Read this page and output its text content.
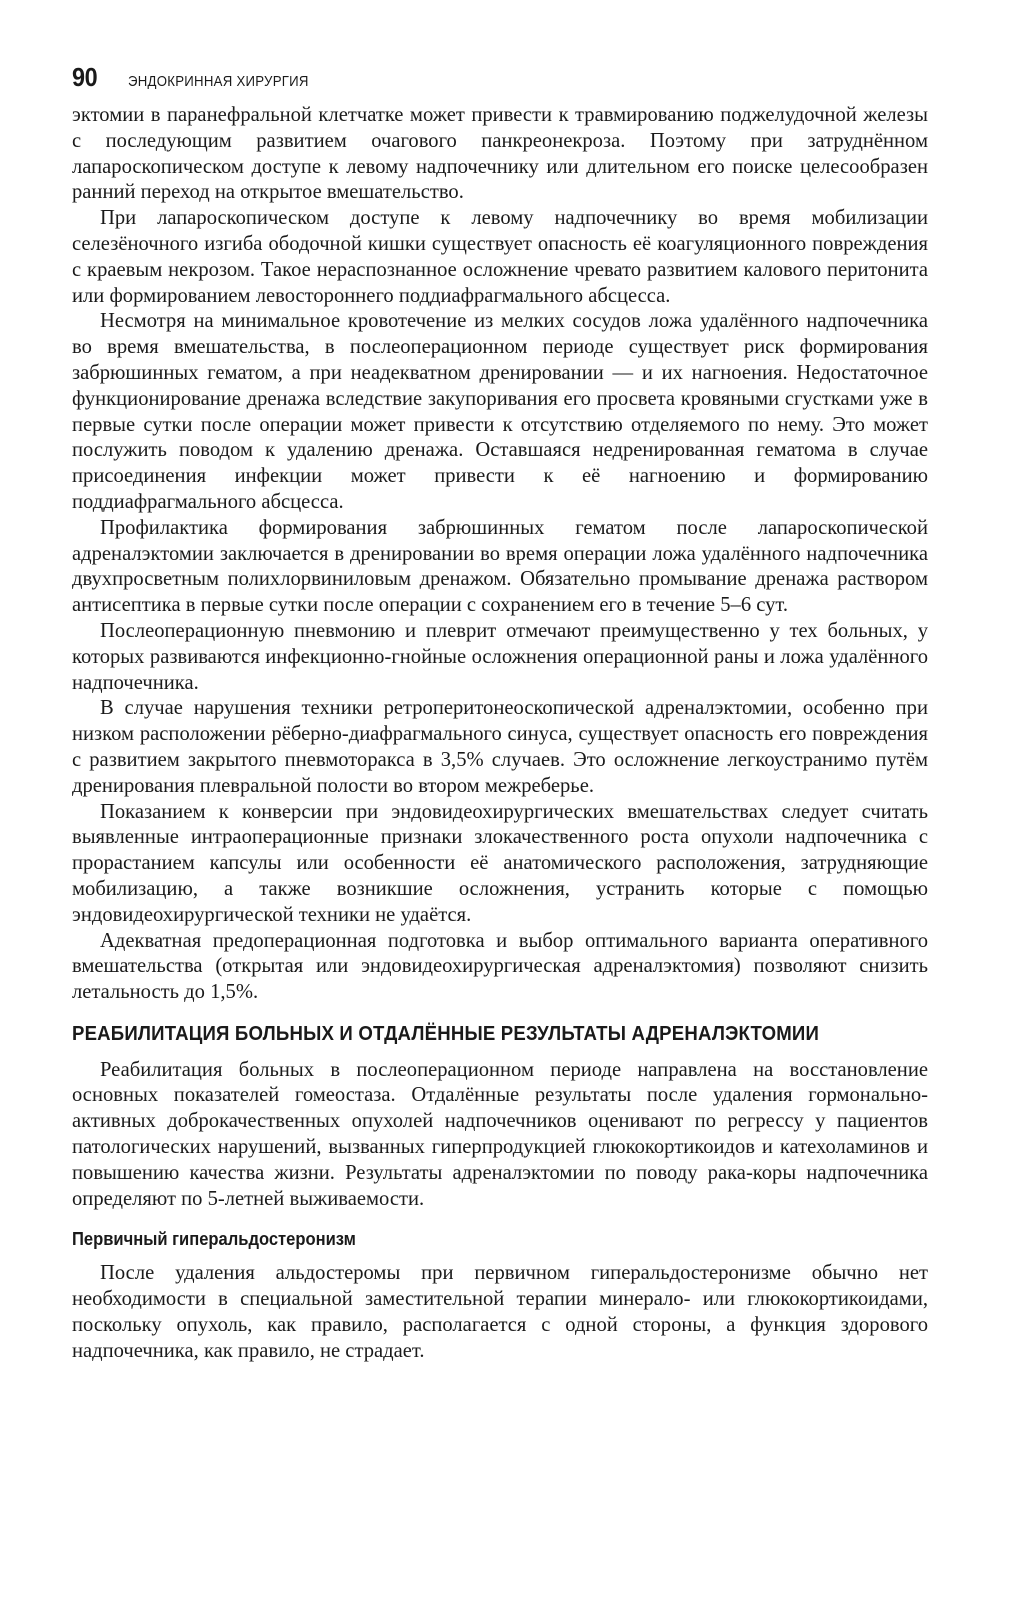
90 ЭНДОКРИННАЯ ХИРУРГИЯ

эктомии в паранефральной клетчатке может привести к травмированию поджелудочной железы с последующим развитием очагового панкреонекроза. Поэтому при затруднённом лапароскопическом доступе к левому надпочечнику или длительном его поиске целесообразен ранний переход на открытое вмешательство.

При лапароскопическом доступе к левому надпочечнику во время мобилизации селезёночного изгиба ободочной кишки существует опасность её коагуляционного повреждения с краевым некрозом. Такое нераспознанное осложнение чревато развитием калового перитонита или формированием левостороннего поддиафрагмального абсцесса.

Несмотря на минимальное кровотечение из мелких сосудов ложа удалённого надпочечника во время вмешательства, в послеоперационном периоде существует риск формирования забрюшинных гематом, а при неадекватном дренировании — и их нагноения. Недостаточное функционирование дренажа вследствие закупоривания его просвета кровяными сгустками уже в первые сутки после операции может привести к отсутствию отделяемого по нему. Это может послужить поводом к удалению дренажа. Оставшаяся недренированная гематома в случае присоединения инфекции может привести к её нагноению и формированию поддиафрагмального абсцесса.

Профилактика формирования забрюшинных гематом после лапароскопической адреналэктомии заключается в дренировании во время операции ложа удалённого надпочечника двухпросветным полихлорвиниловым дренажом. Обязательно промывание дренажа раствором антисептика в первые сутки после операции с сохранением его в течение 5–6 сут.

Послеоперационную пневмонию и плеврит отмечают преимущественно у тех больных, у которых развиваются инфекционно-гнойные осложнения операционной раны и ложа удалённого надпочечника.

В случае нарушения техники ретроперитонеоскопической адреналэктомии, особенно при низком расположении рёберно-диафрагмального синуса, существует опасность его повреждения с развитием закрытого пневмоторакса в 3,5% случаев. Это осложнение легкоустранимо путём дренирования плевральной полости во втором межреберье.

Показанием к конверсии при эндовидеохирургических вмешательствах следует считать выявленные интраоперационные признаки злокачественного роста опухоли надпочечника с прорастанием капсулы или особенности её анатомического расположения, затрудняющие мобилизацию, а также возникшие осложнения, устранить которые с помощью эндовидеохирургической техники не удаётся.

Адекватная предоперационная подготовка и выбор оптимального варианта оперативного вмешательства (открытая или эндовидеохирургическая адреналэктомия) позволяют снизить летальность до 1,5%.

РЕАБИЛИТАЦИЯ БОЛЬНЫХ И ОТДАЛЁННЫЕ РЕЗУЛЬТАТЫ АДРЕНАЛЭКТОМИИ

Реабилитация больных в послеоперационном периоде направлена на восстановление основных показателей гомеостаза. Отдалённые результаты после удаления гормонально-активных доброкачественных опухолей надпочечников оценивают по регрессу у пациентов патологических нарушений, вызванных гиперпродукцией глюкокортикоидов и катехоламинов и повышению качества жизни. Результаты адреналэктомии по поводу рака-коры надпочечника определяют по 5-летней выживаемости.

Первичный гиперальдостеронизм

После удаления альдостеромы при первичном гиперальдостеронизме обычно нет необходимости в специальной заместительной терапии минерало- или глюкокортикоидами, поскольку опухоль, как правило, располагается с одной стороны, а функция здорового надпочечника, как правило, не страдает.
